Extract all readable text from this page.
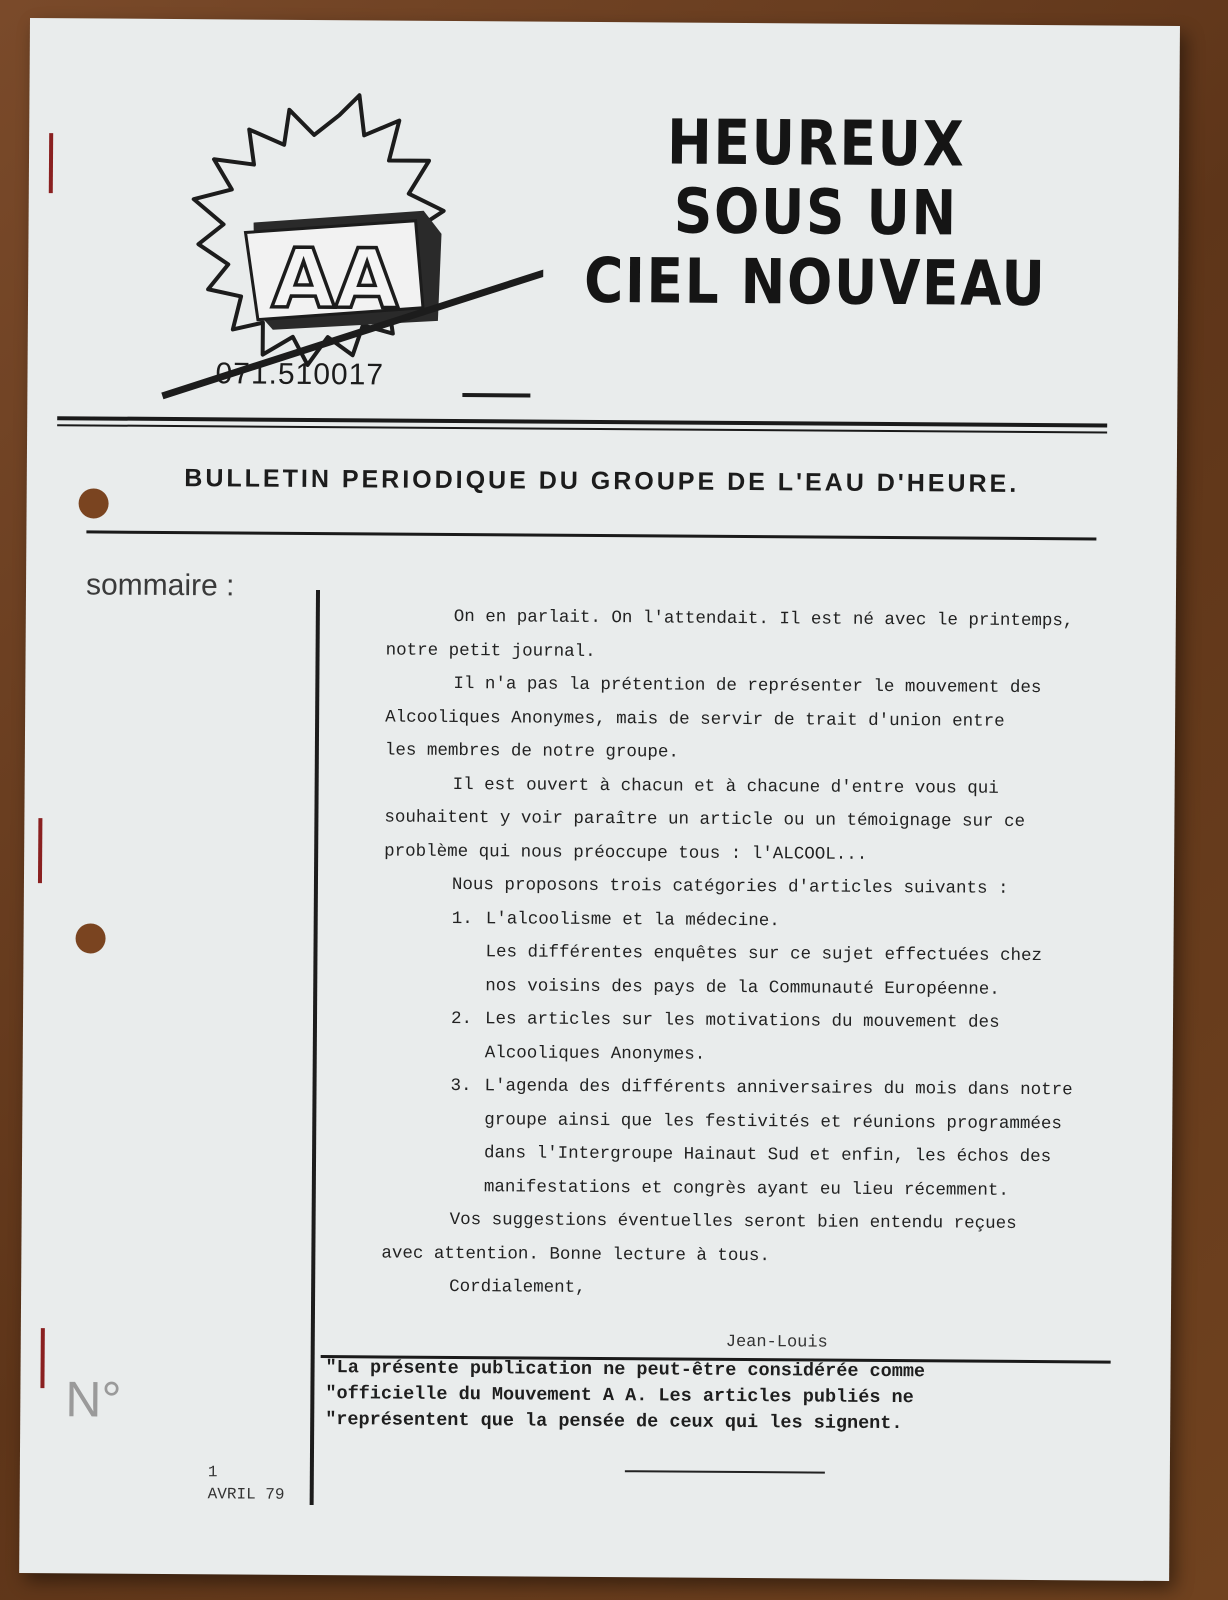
AA
071.510017
HEUREUX
SOUS UN
CIEL NOUVEAU
BULLETIN PERIODIQUE DU GROUPE DE L'EAU D'HEURE.
sommaire :

On en parlait. On l'attendait. Il est né avec le printemps,

notre petit journal.

Il n'a pas la prétention de représenter le mouvement des

Alcooliques Anonymes, mais de servir de trait d'union entre

les membres de notre groupe.

Il est ouvert à chacun et à chacune d'entre vous qui

souhaitent y voir paraître un article ou un témoignage sur ce

problème qui nous préoccupe tous : l'ALCOOL...

Nous proposons trois catégories d'articles suivants :

1. L'alcoolisme et la médecine.

Les différentes enquêtes sur ce sujet effectuées chez

nos voisins des pays de la Communauté Européenne.

2. Les articles sur les motivations du mouvement des

Alcooliques Anonymes.

3. L'agenda des différents anniversaires du mois dans notre

groupe ainsi que les festivités et réunions programmées

dans l'Intergroupe Hainaut Sud et enfin, les échos des

manifestations et congrès ayant eu lieu récemment.

Vos suggestions éventuelles seront bien entendu reçues

avec attention. Bonne lecture à tous.

Cordialement,

Jean-Louis

"La présente publication ne peut-être considérée comme

"officielle du Mouvement A A. Les articles publiés ne

"représentent que la pensée de ceux qui les signent.

N°
1
AVRIL 79
